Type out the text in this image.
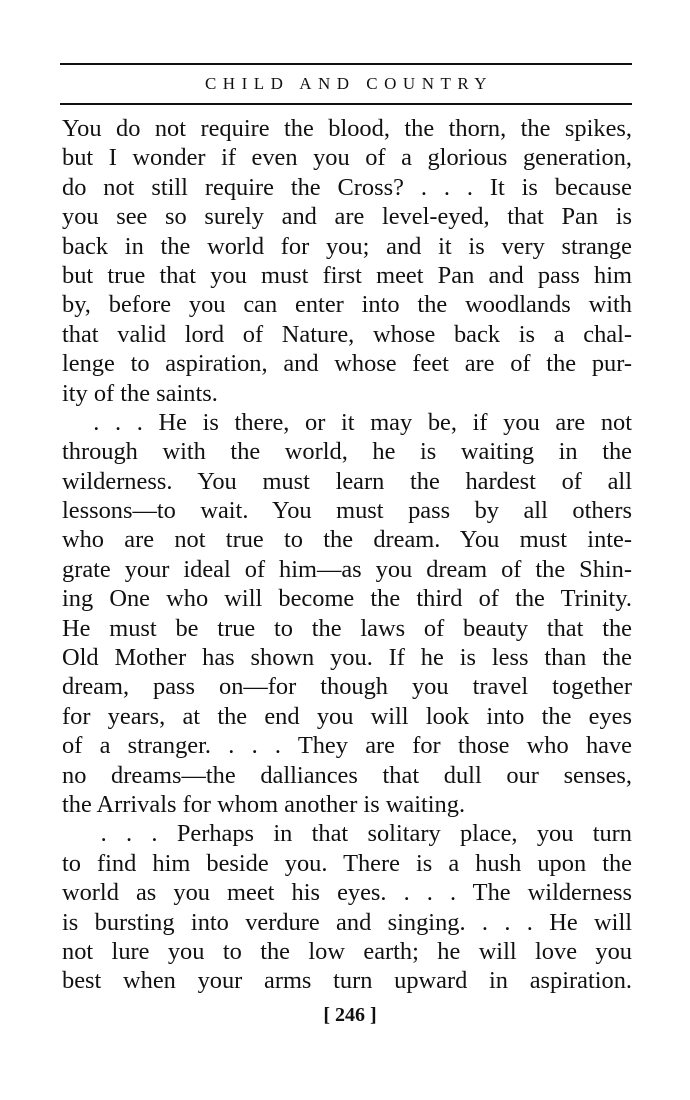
CHILD AND COUNTRY
You do not require the blood, the thorn, the spikes,
but I wonder if even you of a glorious generation,
do not still require the Cross? . . . It is because
you see so surely and are level-eyed, that Pan is
back in the world for you; and it is very strange
but true that you must first meet Pan and pass him
by, before you can enter into the woodlands with
that valid lord of Nature, whose back is a chal-
lenge to aspiration, and whose feet are of the pur-
ity of the saints.
. . . He is there, or it may be, if you are not
through with the world, he is waiting in the
wilderness. You must learn the hardest of all
lessons—to wait. You must pass by all others
who are not true to the dream. You must inte-
grate your ideal of him—as you dream of the Shin-
ing One who will become the third of the Trinity.
He must be true to the laws of beauty that the
Old Mother has shown you. If he is less than the
dream, pass on—for though you travel together
for years, at the end you will look into the eyes
of a stranger. . . . They are for those who have
no dreams—the dalliances that dull our senses,
the Arrivals for whom another is waiting.
. . . Perhaps in that solitary place, you turn
to find him beside you. There is a hush upon the
world as you meet his eyes. . . . The wilderness
is bursting into verdure and singing. . . . He will
not lure you to the low earth; he will love you
best when your arms turn upward in aspiration.
[ 246 ]
